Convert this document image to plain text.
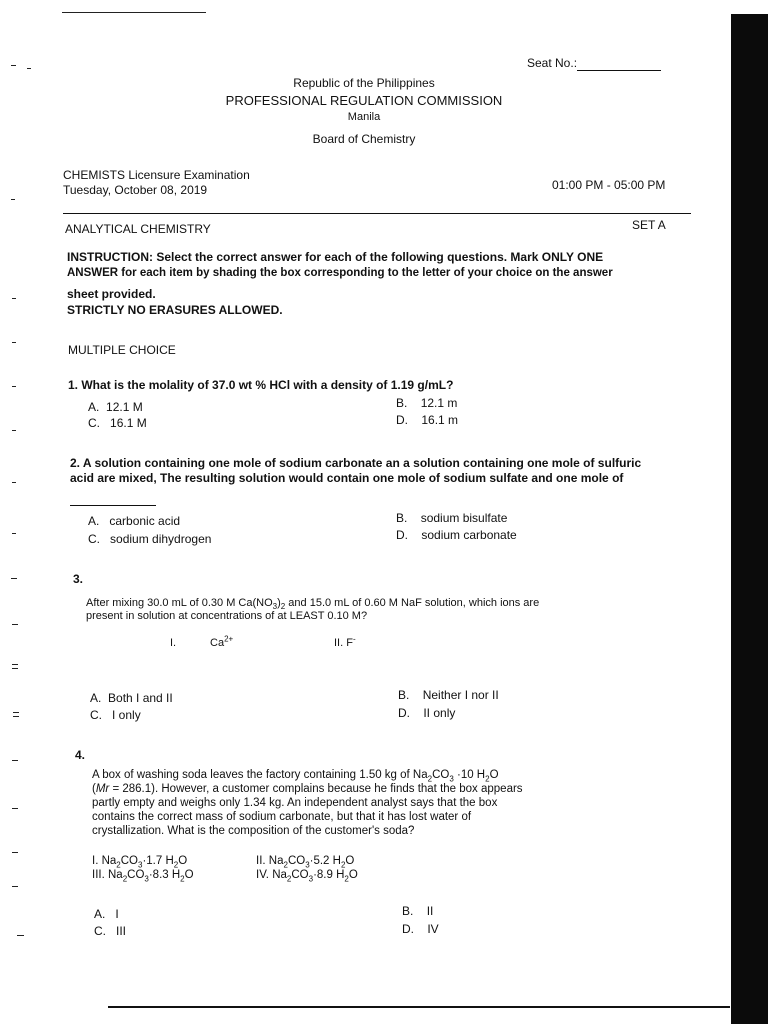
Seat No.:
Republic of the Philippines
PROFESSIONAL REGULATION COMMISSION
Manila
Board of Chemistry
CHEMISTS Licensure Examination
Tuesday, October 08, 2019	01:00 PM - 05:00 PM
ANALYTICAL CHEMISTRY	SET A
INSTRUCTION: Select the correct answer for each of the following questions. Mark ONLY ONE
ANSWER for each item by shading the box corresponding to the letter of your choice on the answer
sheet provided.
STRICTLY NO ERASURES ALLOWED.
MULTIPLE CHOICE
1. What is the molality of 37.0 wt % HCl with a density of 1.19 g/mL?
A. 12.1 M	B. 12.1 m
C. 16.1 M	D. 16.1 m
2. A solution containing one mole of sodium carbonate an a solution containing one mole of sulfuric
acid are mixed, The resulting solution would contain one mole of sodium sulfate and one mole of
A. carbonic acid	B. sodium bisulfate
C. sodium dihydrogen	D. sodium carbonate
3.
After mixing 30.0 mL of 0.30 M $Ca(NO_3)_2$ and 15.0 mL of 0.60 M NaF solution, which ions are
present in solution at concentrations of at LEAST 0.10 M?
I.	$Ca^{2+}$	II. F-
A. Both I and II	B. Neither I nor II
C. I only	D. II only
4.
A box of washing soda leaves the factory containing 1.50 kg of $Na_2CO_3 \cdot 10$ $H_2O$
(Mr = 286.1). However, a customer complains because he finds that the box appears
partly empty and weighs only 1.34 kg. An independent analyst says that the box
contains the correct mass of sodium carbonate, but that it has lost water of
crystallization. What is the composition of the customer's soda?
I. $Na_2CO_3\cdot 1.7$ $H_2O$	II. $Na_2CO_3\cdot 5.2$ $H_2O$
III. $Na_2CO_3\cdot 8.3$ $H_2O$	IV. $Na_2CO_3\cdot 8.9$ $H_2O$
A. I	B. II
C. III	D. IV
